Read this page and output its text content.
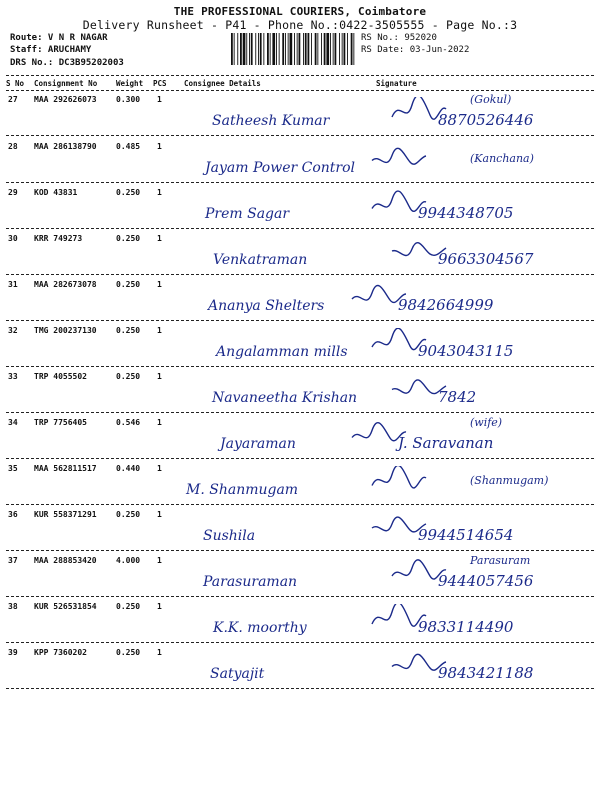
THE PROFESSIONAL COURIERS, Coimbatore
Delivery Runsheet - P41 - Phone No.:0422-3505555 - Page No.:3
Route: V N R NAGAR
Staff: ARUCHAMY
DRS No.: DC3B95202003
RS No.: 952020
RS Date: 03-Jun-2022
S No Consignment No	Weight PCS Consignee Details	Signature
27 MAA 292626073 0.300 1
Satheesh Kumar	8870526446
(Gokul)
28 MAA 286138790 0.485 1
Jayam Power Control
(Kanchana)
29 KOD 43831	0.250 1
Prem Sagar	9944348705
30 KRR 749273	0.250 1
Venkatraman	9663304567
31 MAA 282673078 0.250 1
Ananya Shelters	9842664999
32 TMG 200237130 0.250 1
Angalamman mills	9043043115
33 TRP 4055502	0.250 1
Navaneetha Krishan	7842
34 TRP 7756405	0.546 1
Jayaraman	J. Saravanan
(wife)
35 MAA 562811517 0.440 1
M. Shanmugam
(Shanmugam)
36 KUR 558371291 0.250 1
Sushila	9944514654
37 MAA 288853420 4.000 1
Parasuraman	9444057456
Parasuram
38 KUR 526531854 0.250 1
K.K. moorthy	9833114490
39 KPP 7360202	0.250 1
Satyajit	9843421188
